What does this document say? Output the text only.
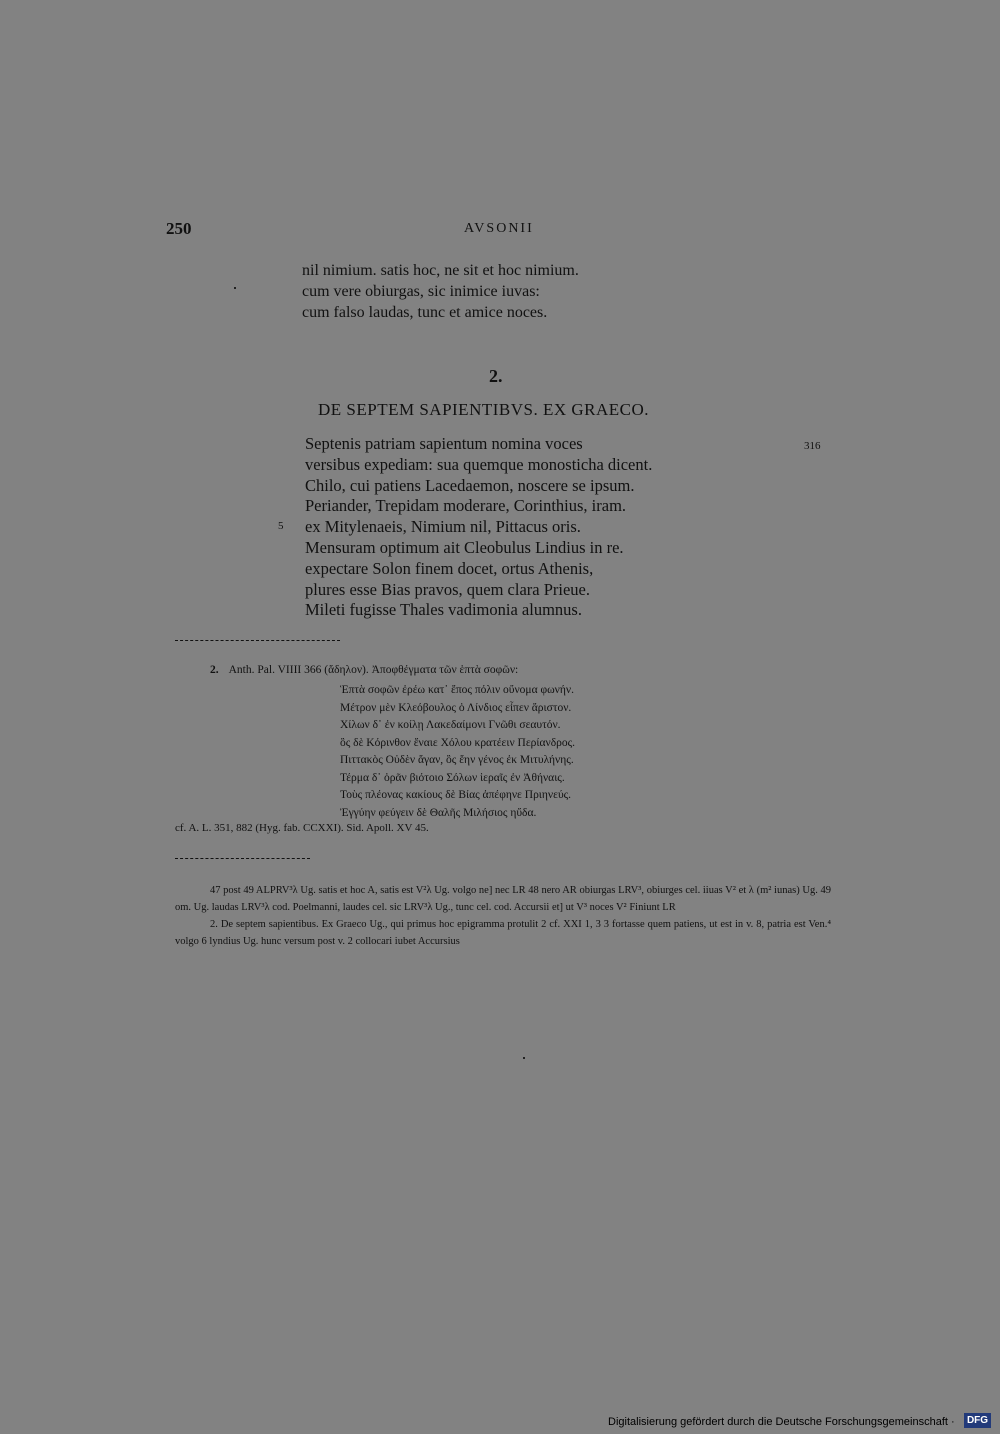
250	AVSONII
nil nimium. satis hoc, ne sit et hoc nimium.
cum vere obiurgas, sic inimice iuvas:
cum falso laudas, tunc et amice noces.
2.
DE SEPTEM SAPIENTIBVS. EX GRAECO.
Septenis patriam sapientum nomina voces
versibus expediam: sua quemque monosticha dicent.
Chilo, cui patiens Lacedaemon, noscere se ipsum.
Periander, Trepidam moderare, Corinthius, iram.
ex Mitylenaeis, Nimium nil, Pittacus oris.
Mensuram optimum ait Cleobulus Lindius in re.
expectare Solon finem docet, ortus Athenis,
plures esse Bias pravos, quem clara Prieue.
Mileti fugisse Thales vadimonia alumnus.
316
5
2. Anth. Pal. VIIII 366 (ἄδηλον). Ἀποφθέγματα τῶν ἑπτὰ σοφῶν:
Ἑπτὰ σοφῶν ἐρέω κατ᾽ ἔπος πόλιν οὔνομα φωνήν.
Μέτρον μὲν Κλεόβουλος ὁ Λίνδιος εἶπεν ἄριστον.
Χίλων δ᾽ ἐν κοίλῃ Λακεδαίμονι Γνῶθι σεαυτόν.
ὃς δὲ Κόρινθον ἔναιε Χόλου κρατέειν Περίανδρος.
Πιττακὸς Οὐδὲν ἄγαν, ὃς ἔην γένος ἐκ Μιτυλήνης.
Τέρμα δ᾽ ὁρᾶν βιότοιο Σόλων ἱεραῖς ἐν Ἀθήναις.
Τοὺς πλέονας κακίους δὲ Βίας ἀπέφηνε Πριηνεύς.
Ἐγγύην φεύγειν δὲ Θαλῆς Μιλήσιος ηὔδα.
cf. A. L. 351, 882 (Hyg. fab. CCXXI). Sid. Apoll. XV 45.

47 post 49 ALPRV³λ Ug. satis et hoc A, satis est V²λ Ug. volgo ne] nec LR 48 nero AR obiurgas LRV³, obiurges cel. iiuas V² et λ (m² iunas) Ug. 49 om. Ug. laudas LRV³λ cod. Poelmanni, laudes cel. sic LRV³λ Ug., tunc cel. cod. Accursii et] ut V³ noces V² Finiunt LR

2. De septem sapientibus. Ex Graeco Ug., qui primus hoc epigramma protulit 2 cf. XXI 1, 3 3 fortasse quem patiens, ut est in v. 8, patria est Ven.⁴ volgo 6 lyndius Ug. hunc versum post v. 2 collocari iubet Accursius

Digitalisierung gefördert durch die Deutsche Forschungsgemeinschaft · DFG
